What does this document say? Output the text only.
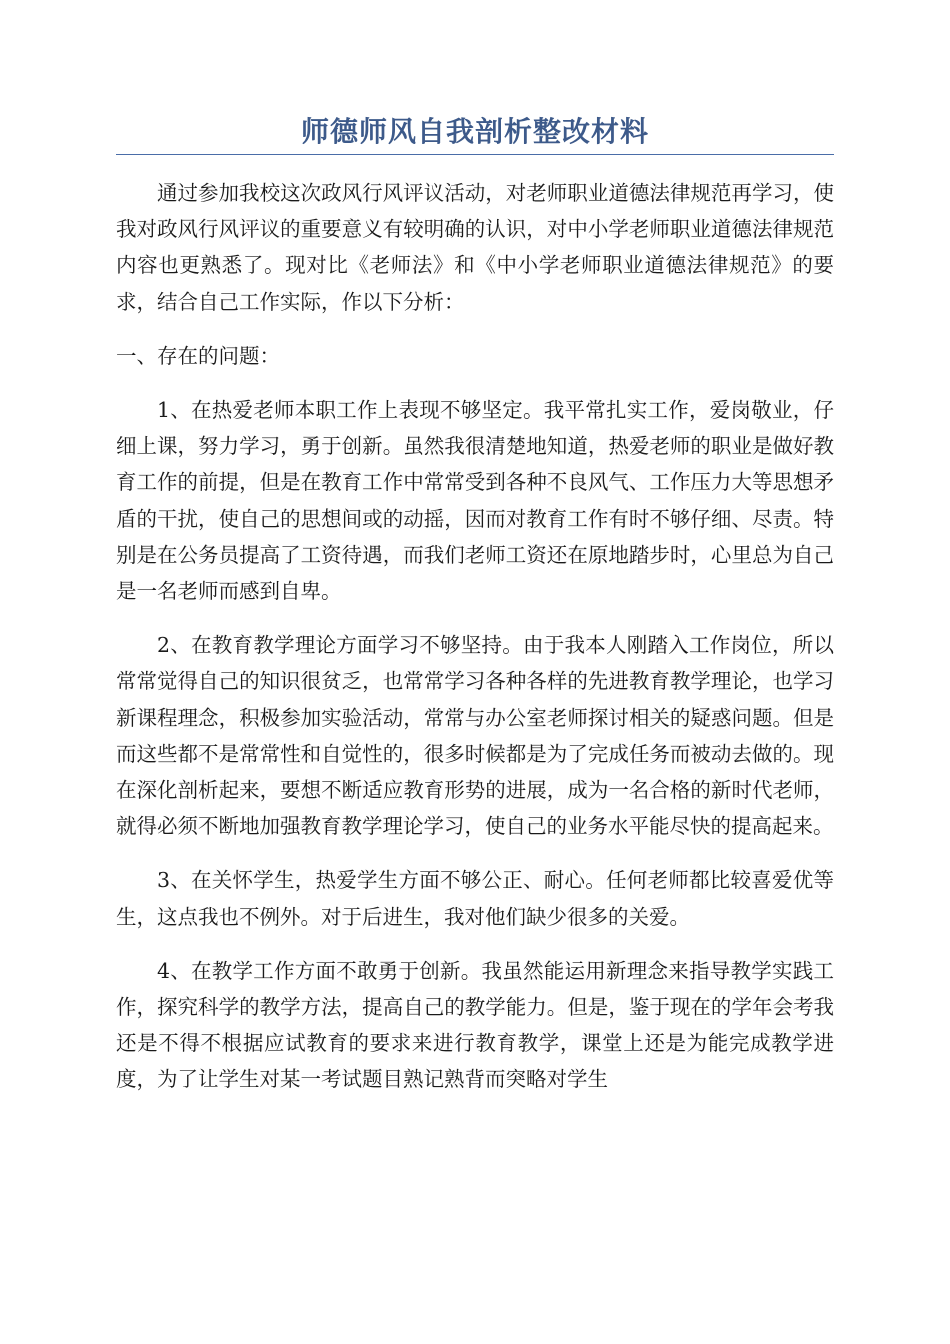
师德师风自我剖析整改材料

通过参加我校这次政风行风评议活动，对老师职业道德法律规范再学习，使我对政风行风评议的重要意义有较明确的认识，对中小学老师职业道德法律规范内容也更熟悉了。现对比《老师法》和《中小学老师职业道德法律规范》的要求，结合自己工作实际，作以下分析：

一、存在的问题：

1、在热爱老师本职工作上表现不够坚定。我平常扎实工作，爱岗敬业，仔细上课，努力学习，勇于创新。虽然我很清楚地知道，热爱老师的职业是做好教育工作的前提，但是在教育工作中常常受到各种不良风气、工作压力大等思想矛盾的干扰，使自己的思想间或的动摇，因而对教育工作有时不够仔细、尽责。特别是在公务员提高了工资待遇，而我们老师工资还在原地踏步时，心里总为自己是一名老师而感到自卑。

2、在教育教学理论方面学习不够坚持。由于我本人刚踏入工作岗位，所以常常觉得自己的知识很贫乏，也常常学习各种各样的先进教育教学理论，也学习新课程理念，积极参加实验活动，常常与办公室老师探讨相关的疑惑问题。但是而这些都不是常常性和自觉性的，很多时候都是为了完成任务而被动去做的。现在深化剖析起来，要想不断适应教育形势的进展，成为一名合格的新时代老师，就得必须不断地加强教育教学理论学习，使自己的业务水平能尽快的提高起来。

3、在关怀学生，热爱学生方面不够公正、耐心。任何老师都比较喜爱优等生，这点我也不例外。对于后进生，我对他们缺少很多的关爱。

4、在教学工作方面不敢勇于创新。我虽然能运用新理念来指导教学实践工作，探究科学的教学方法，提高自己的教学能力。但是，鉴于现在的学年会考我还是不得不根据应试教育的要求来进行教育教学，课堂上还是为能完成教学进度，为了让学生对某一考试题目熟记熟背而突略对学生
